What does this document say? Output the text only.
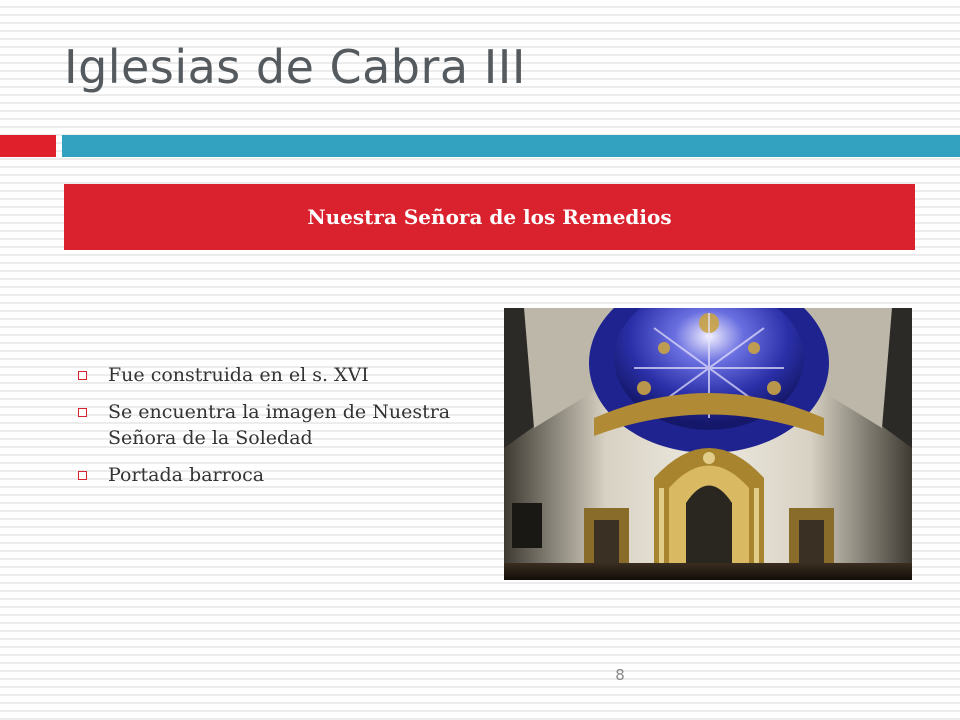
Iglesias de Cabra III
Nuestra Señora de los Remedios
Fue construida en el s. XVI
Se encuentra la imagen de Nuestra Señora de la Soledad
Portada barroca
8
